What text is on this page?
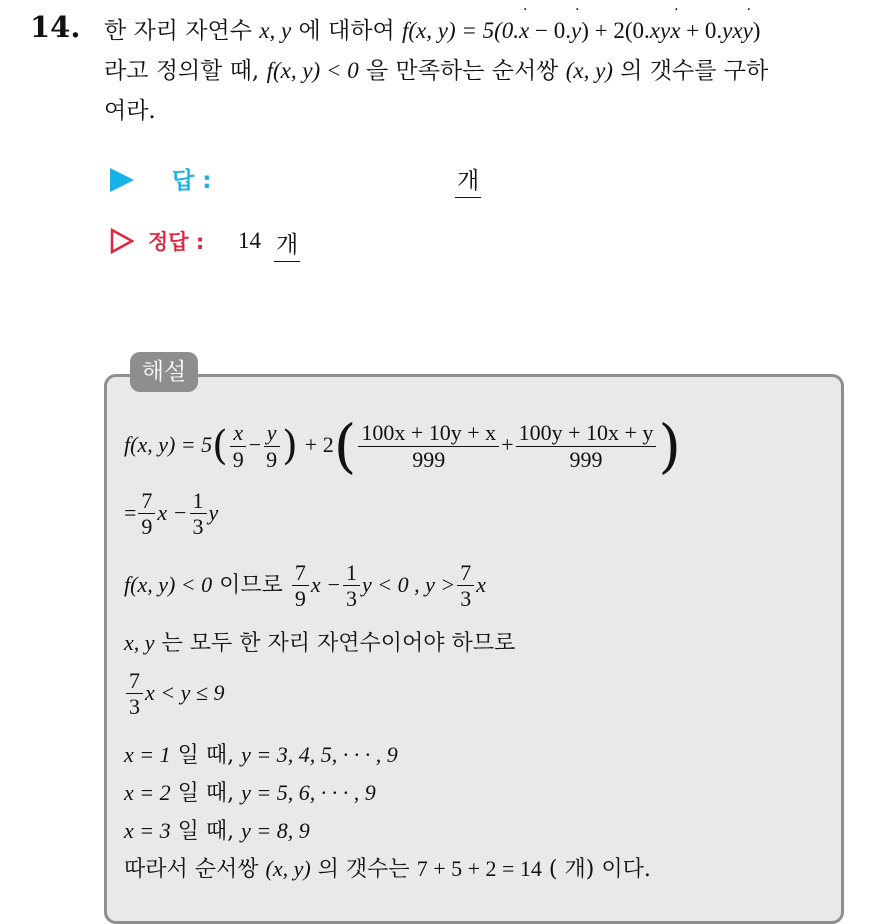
14. 한 자리 자연수 x, y 에 대하여 f(x, y) = 5(0.x ˙ − 0.y ˙) + 2(0.xyx ˙ + 0.yxy ˙)
라고 정의할 때, f(x, y) < 0 을 만족하는 순서쌍 (x, y) 의 갯수를 구하
여라.
답 :	개
정답 : 14 개
해설
f(x, $y) = 5( \frac{x}{9} - \frac{y}{9}$ ) + $2( \frac{100x + 10y + x}{999} + \frac{100y + 10x + y}{999}$ )
= $\frac{7}{9}$ $x - \frac{1}{3}$ y
f(x, y) < 0 이므로 $\frac{7}{9}$ $x - \frac{1}{3}$ y < 0 , $y > \frac{7}{3}$ x
x, y 는 모두 한 자리 자연수이어야 하므로
$\frac{7}{3}$ x < y ≤ 9
x = 1 일 때, y = 3, 4, 5, · · · , 9
x = 2 일 때, y = 5, 6, · · · , 9
x = 3 일 때, y = 8, 9
따라서 순서쌍 (x, y) 의 갯수는 7 + 5 + 2 = 14 ( 개) 이다.
